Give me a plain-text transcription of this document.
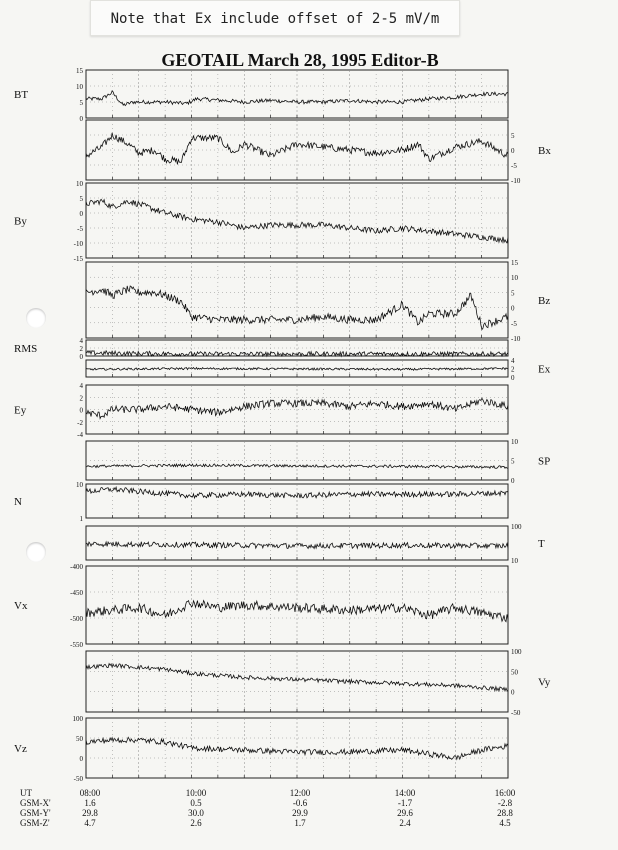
Note that Ex include offset of 2-5 mV/m
GEOTAIL March 28, 1995 Editor-B
15
10
5
0
BT
5
0
-5
-10
Bx
10
5
0
-5
-10
-15
By
15
10
5
0
-5
-10
Bz
4
2
0
RMS
4
2
0
Ex
4
2
0
-2
-4
Ey
10
5
0
SP
10
1
N
100
10
T
-400
-450
-500
-550
Vx
100
50
0
-50
Vy
100
50
0
-50
Vz
UT
GSM-X'
GSM-Y'
GSM-Z'
08:00
1.6
29.8
4.7
10:00
0.5
30.0
2.6
12:00
-0.6
29.9
1.7
14:00
-1.7
29.6
2.4
16:00
-2.8
28.8
4.5
